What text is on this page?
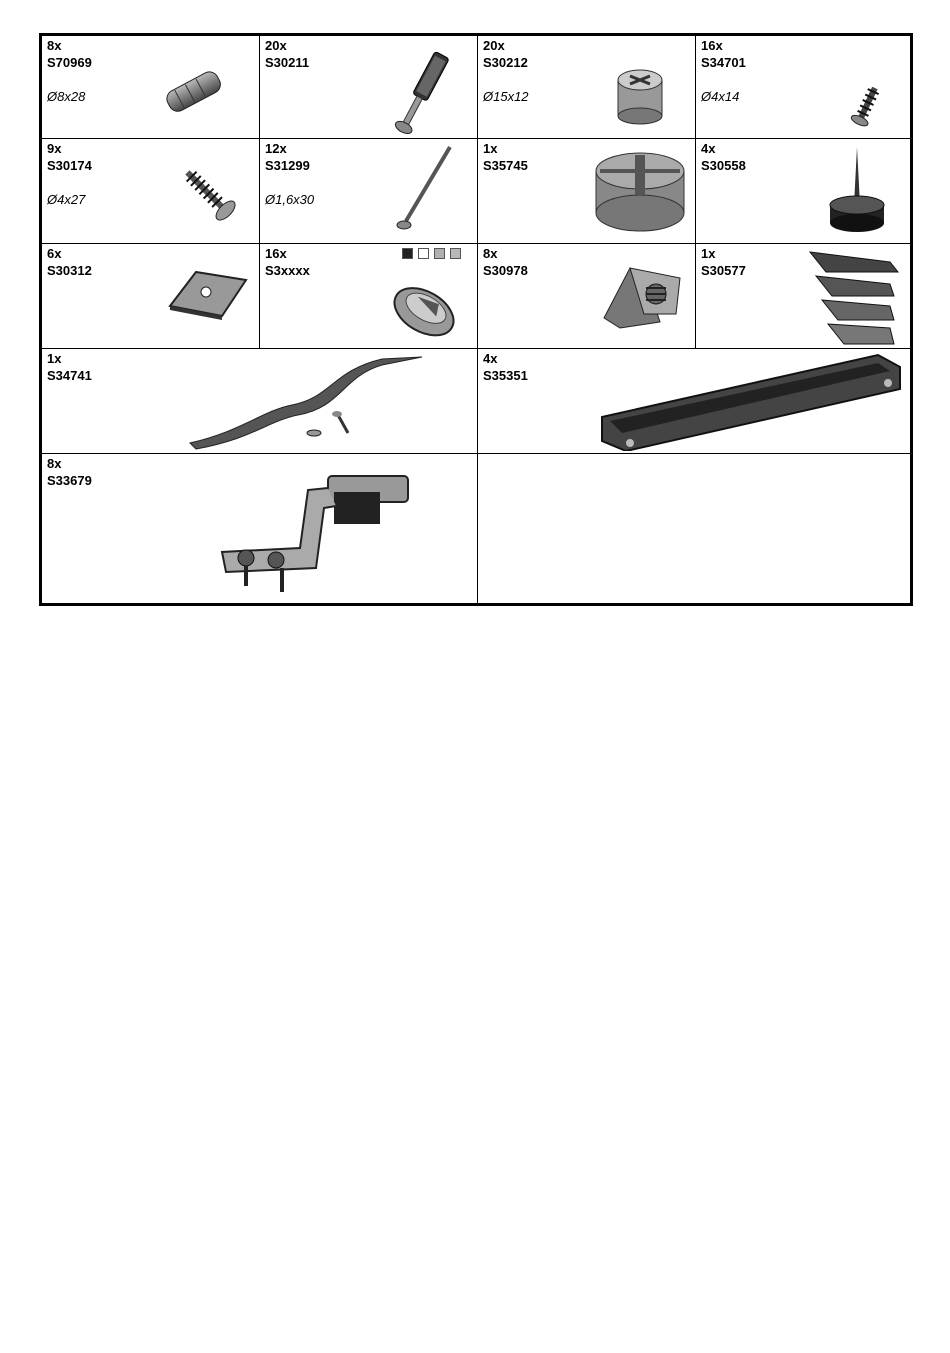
8x
S70969
Ø8x28
20x
S30211
20x
S30212
Ø15x12
16x
S34701
Ø4x14
9x
S30174
Ø4x27
12x
S31299
Ø1,6x30
1x
S35745
4x
S30558
6x
S30312
16x
S3xxxx
8x
S30978
1x
S30577
1x
S34741
4x
S35351
8x
S33679
